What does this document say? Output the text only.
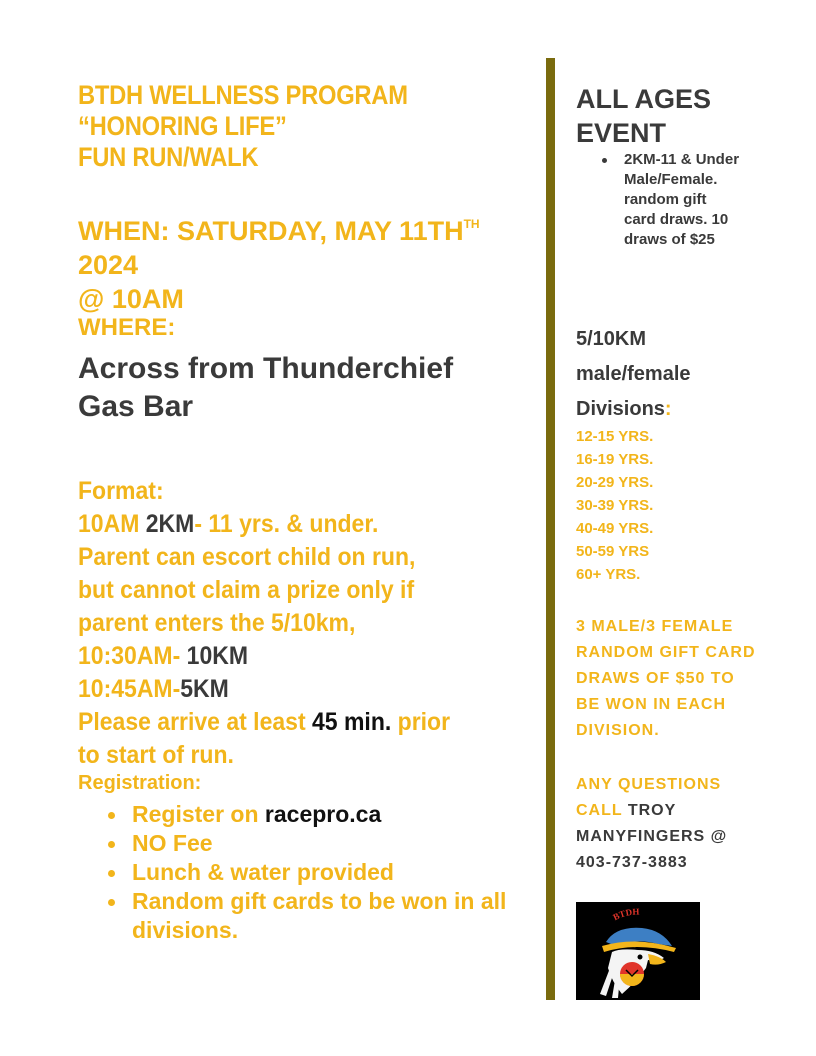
BTDH WELLNESS PROGRAM
“HONORING LIFE”
FUN RUN/WALK
WHEN: SATURDAY, MAY $11TH^{TH}$ 2024
@ 10AM
WHERE:
Across from Thunderchief
Gas Bar
Format:
10AM 2KM- 11 yrs. & under.
Parent can escort child on run,
but cannot claim a prize only if
parent enters the 5/10km,
10:30AM- 10KM
10:45AM-5KM
Please arrive at least 45 min. prior
to start of run.
Registration:
Register on racepro.ca
NO Fee
Lunch & water provided
Random gift cards to be won in all divisions.
ALL AGES
EVENT
2KM-11 & Under Male/Female. random gift card draws. 10 draws of $25
5/10KM
male/female
Divisions:
12-15 YRS.
16-19 YRS.
20-29 YRS.
30-39 YRS.
40-49 YRS.
50-59 YRS
60+ YRS.
3 MALE/3 FEMALE RANDOM GIFT CARD DRAWS OF $50 TO BE WON IN EACH DIVISION.
ANY QUESTIONS CALL TROY MANYFINGERS @ 403-737-3883
BTDH
